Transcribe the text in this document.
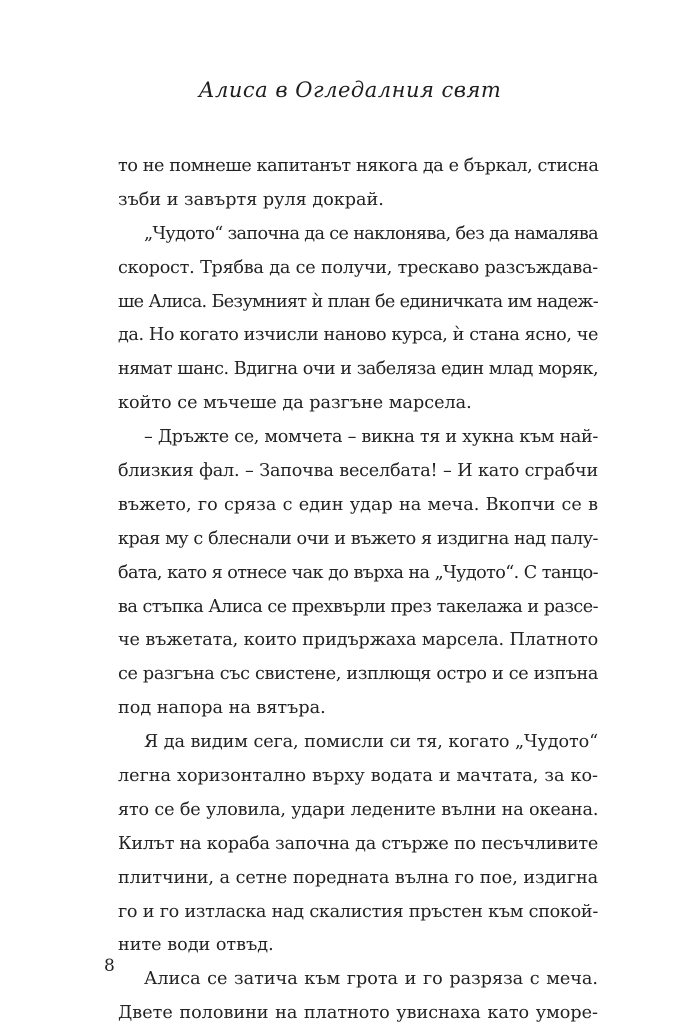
Алиса в Огледалния свят
то не помнеше капитанът някога да е бъркал, стисна
зъби и завъртя руля докрай.
„Чудото“ започна да се наклонява, без да намалява
скорост. Трябва да се получи, трескаво разсъждава-
ше Алиса. Безумният ѝ план бе единичката им надеж-
да. Но когато изчисли наново курса, ѝ стана ясно, че
нямат шанс. Вдигна очи и забеляза един млад моряк,
който се мъчеше да разгъне марсела.
– Дръжте се, момчета – викна тя и хукна към най-
близкия фал. – Започва веселбата! – И като сграбчи
въжето, го сряза с един удар на меча. Вкопчи се в
края му с блеснали очи и въжето я издигна над палу-
бата, като я отнесе чак до върха на „Чудото“. С танцо-
ва стъпка Алиса се прехвърли през такелажа и разсе-
че въжетата, които придържаха марсела. Платното
се разгъна със свистене, изплющя остро и се изпъна
под напора на вятъра.
Я да видим сега, помисли си тя, когато „Чудото“
легна хоризонтално върху водата и мачтата, за ко-
ято се бе уловила, удари ледените вълни на океана.
Килът на кораба започна да стърже по песъчливите
плитчини, а сетне поредната вълна го пое, издигна
го и го изтласка над скалистия пръстен към спокой-
ните води отвъд.
Алиса се затича към грота и го разряза с меча.
Двете половини на платното увиснаха като уморе-
8
